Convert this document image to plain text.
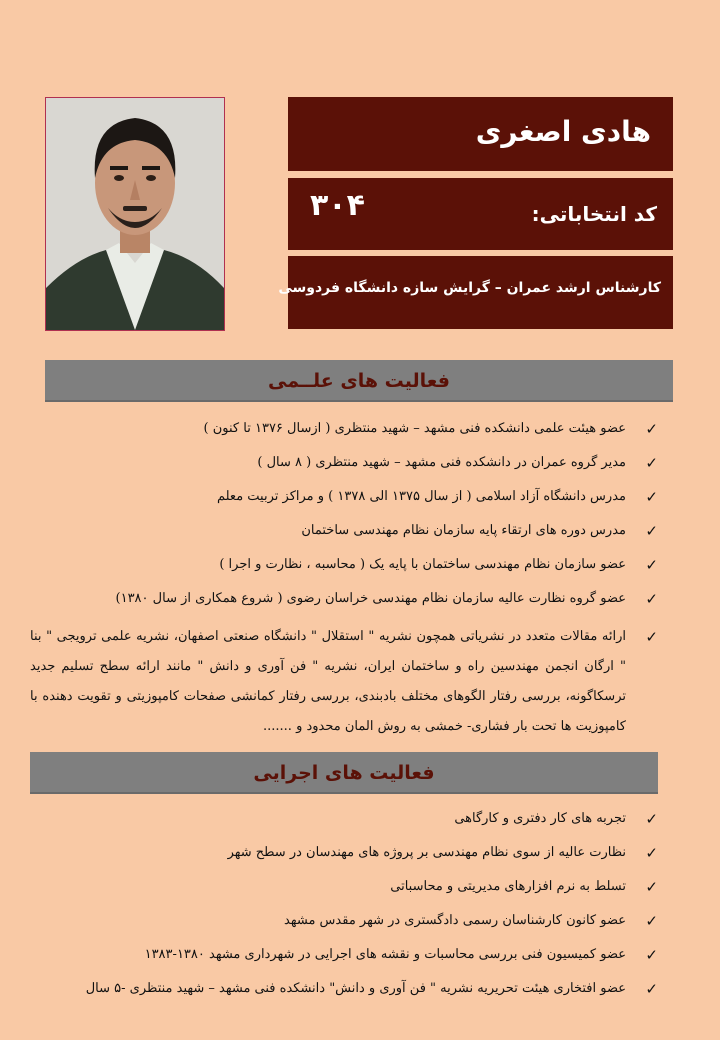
هادی اصغری
کد انتخاباتی:
۳۰۴
کارشناس ارشد عمران – گرایش سازه دانشگاه فردوسی
فعالیت های علــمی
✓
عضو هیئت علمی دانشکده فنی مشهد – شهید منتظری ( ازسال ۱۳۷۶ تا کنون )
✓
مدیر گروه عمران در دانشکده فنی مشهد – شهید منتظری ( ۸ سال )
✓
مدرس دانشگاه آزاد اسلامی ( از سال ۱۳۷۵ الی ۱۳۷۸ ) و مراکز تربیت معلم
✓
مدرس دوره های ارتقاء پایه سازمان نظام مهندسی ساختمان
✓
عضو سازمان نظام مهندسی ساختمان با پایه یک ( محاسبه ، نظارت و اجرا )
✓
عضو گروه نظارت عالیه سازمان نظام مهندسی خراسان رضوی ( شروع همکاری از سال ۱۳۸۰)
✓
ارائه مقالات متعدد در نشریاتی همچون نشریه " استقلال " دانشگاه صنعتی اصفهان، نشریه علمی ترویجی " بنا " ارگان انجمن مهندسین راه و ساختمان ایران، نشریه " فن آوری و دانش " مانند ارائه سطح تسلیم جدید ترسکاگونه، بررسی رفتار الگوهای مختلف بادبندی، بررسی رفتار کمانشی صفحات کامپوزیتی و تقویت دهنده با کامپوزیت ها تحت بار فشاری- خمشی به روش المان محدود و .......
فعالیت های اجرایی
✓
تجربه های کار دفتری و کارگاهی
✓
نظارت عالیه از سوی نظام مهندسی بر پروژه های مهندسان در سطح شهر
✓
تسلط به نرم افزارهای مدیریتی و محاسباتی
✓
عضو کانون کارشناسان رسمی دادگستری در شهر مقدس مشهد
✓
عضو کمیسیون فنی بررسی محاسبات و نقشه های اجرایی در شهرداری مشهد ۱۳۸۰-۱۳۸۳
✓
عضو افتخاری هیئت تحریریه نشریه " فن آوری و دانش" دانشکده فنی مشهد – شهید منتظری -۵ سال
